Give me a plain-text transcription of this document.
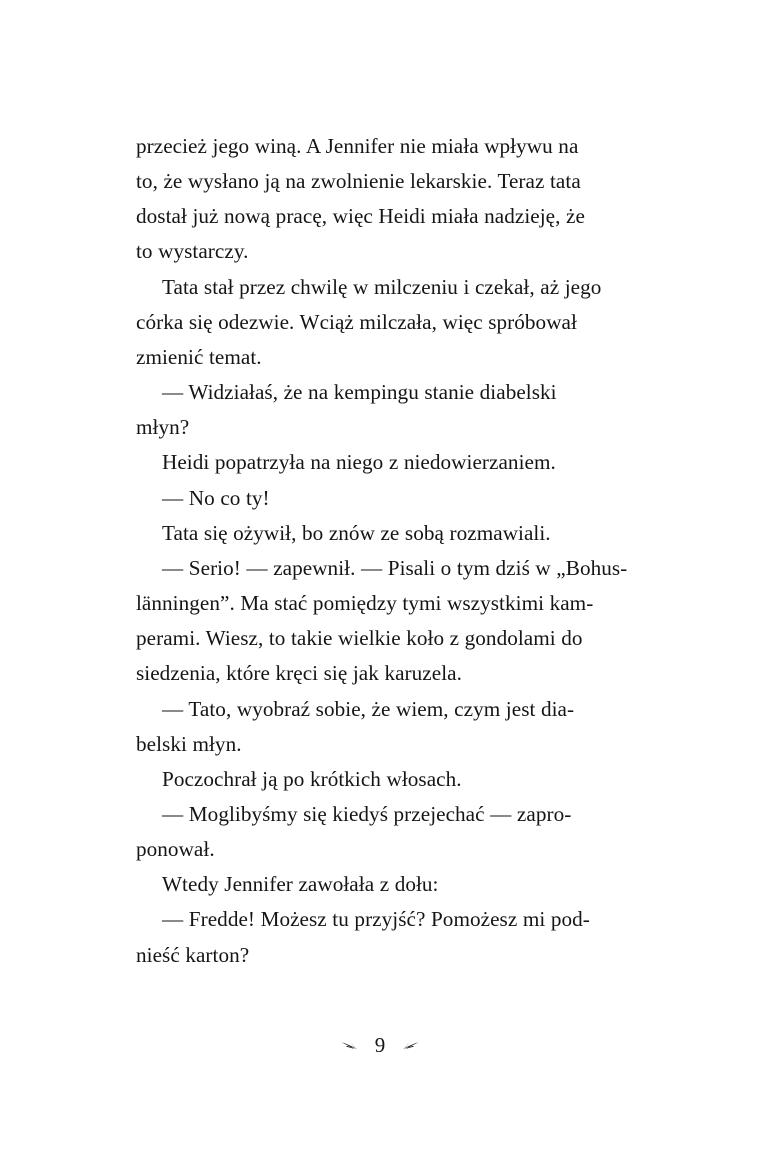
przecież jego winą. A Jennifer nie miała wpływu na
to, że wysłano ją na zwolnienie lekarskie. Teraz tata
dostał już nową pracę, więc Heidi miała nadzieję, że
to wystarczy.

Tata stał przez chwilę w milczeniu i czekał, aż jego
córka się odezwie. Wciąż milczała, więc spróbował
zmienić temat.

— Widziałaś, że na kempingu stanie diabelski
młyn?

Heidi popatrzyła na niego z niedowierzaniem.

— No co ty!

Tata się ożywił, bo znów ze sobą rozmawiali.

— Serio! — zapewnił. — Pisali o tym dziś w „Bohus-
länningen”. Ma stać pomiędzy tymi wszystkimi kam-
perami. Wiesz, to takie wielkie koło z gondolami do
siedzenia, które kręci się jak karuzela.

— Tato, wyobraź sobie, że wiem, czym jest dia-
belski młyn.

Poczochrał ją po krótkich włosach.

— Moglibyśmy się kiedyś przejechać — zapro-
ponował.

Wtedy Jennifer zawołała z dołu:

— Fredde! Możesz tu przyjść? Pomożesz mi pod-
nieść karton?

9
